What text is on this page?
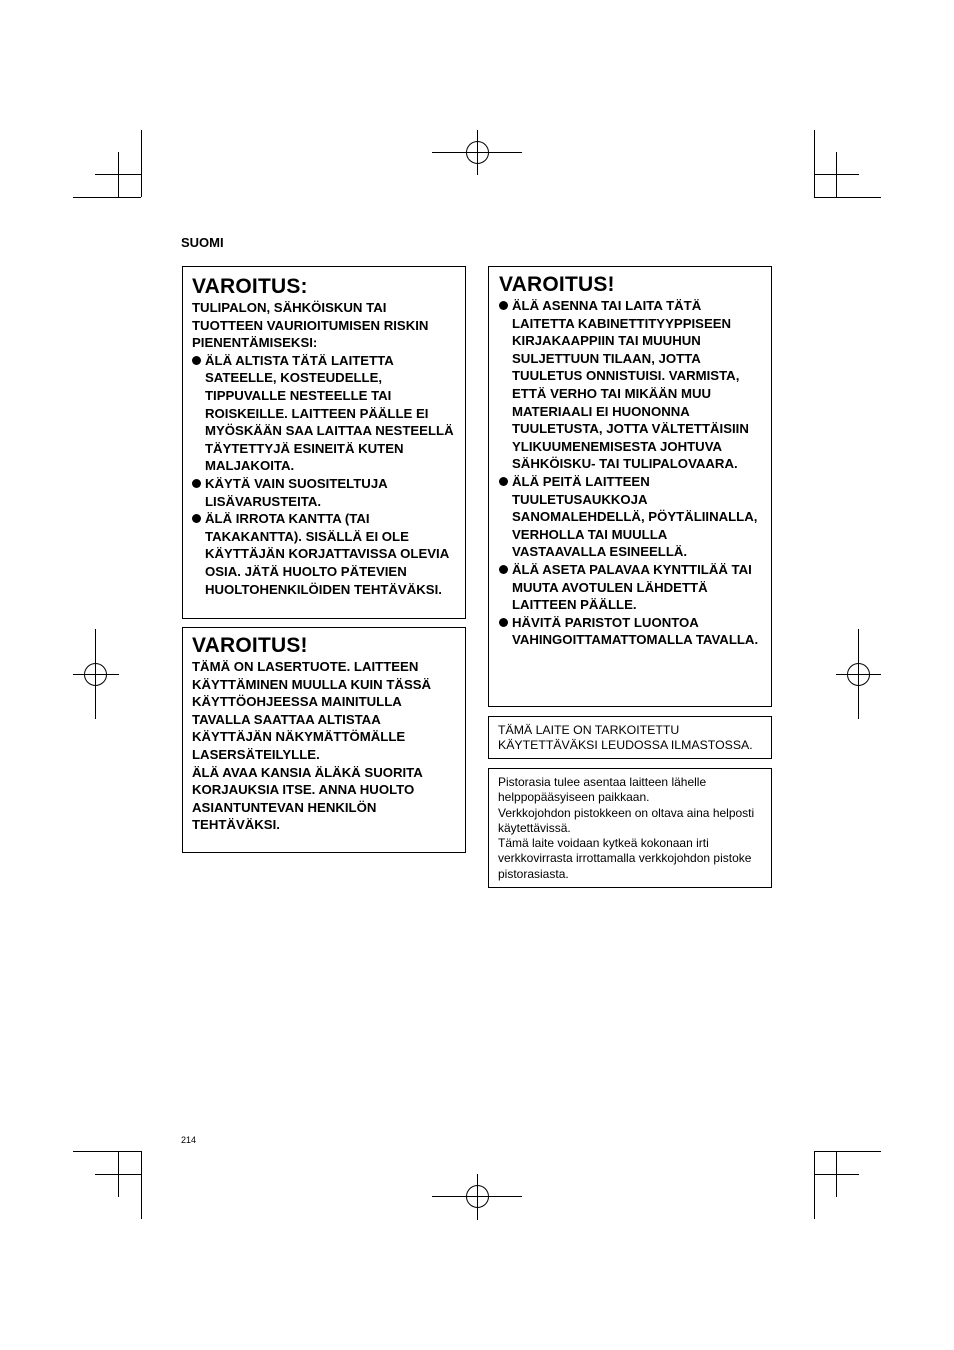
SUOMI
VAROITUS:

TULIPALON, SÄHKÖISKUN TAI TUOTTEEN VAURIOITUMISEN RISKIN PIENENTÄMISEKSI:

ÄLÄ ALTISTA TÄTÄ LAITETTA SATEELLE, KOSTEUDELLE, TIPPUVALLE NESTEELLE TAI ROISKEILLE. LAITTEEN PÄÄLLE EI MYÖSKÄÄN SAA LAITTAA NESTEELLÄ TÄYTETTYJÄ ESINEITÄ KUTEN MALJAKOITA.
KÄYTÄ VAIN SUOSITELTUJA LISÄVARUSTEITA.
ÄLÄ IRROTA KANTTA (TAI TAKAKANTTA). SISÄLLÄ EI OLE KÄYTTÄJÄN KORJATTAVISSA OLEVIA OSIA. JÄTÄ HUOLTO PÄTEVIEN HUOLTOHENKILÖIDEN TEHTÄVÄKSI.
VAROITUS!

TÄMÄ ON LASERTUOTE. LAITTEEN KÄYTTÄMINEN MUULLA KUIN TÄSSÄ KÄYTTÖOHJEESSA MAINITULLA TAVALLA SAATTAA ALTISTAA KÄYTTÄJÄN NÄKYMÄTTÖMÄLLE LASERSÄTEILYLLE.

ÄLÄ AVAA KANSIA ÄLÄKÄ SUORITA KORJAUKSIA ITSE. ANNA HUOLTO ASIANTUNTEVAN HENKILÖN TEHTÄVÄKSI.

VAROITUS!
ÄLÄ ASENNA TAI LAITA TÄTÄ LAITETTA KABINETTITYYPPISEEN KIRJAKAAPPIIN TAI MUUHUN SULJETTUUN TILAAN, JOTTA TUULETUS ONNISTUISI. VARMISTA, ETTÄ VERHO TAI MIKÄÄN MUU MATERIAALI EI HUONONNA TUULETUSTA, JOTTA VÄLTETTÄISIIN YLIKUUMENEMISESTA JOHTUVA SÄHKÖISKU- TAI TULIPALOVAARA.
ÄLÄ PEITÄ LAITTEEN TUULETUSAUKKOJA SANOMALEHDELLÄ, PÖYTÄLIINALLA, VERHOLLA TAI MUULLA VASTAAVALLA ESINEELLÄ.
ÄLÄ ASETA PALAVAA KYNTTILÄÄ TAI MUUTA AVOTULEN LÄHDETTÄ LAITTEEN PÄÄLLE.
HÄVITÄ PARISTOT LUONTOA VAHINGOITTAMATTOMALLA TAVALLA.

TÄMÄ LAITE ON TARKOITETTU

KÄYTETTÄVÄKSI LEUDOSSA ILMASTOSSA.

Pistorasia tulee asentaa laitteen lähelle helppopääsyiseen paikkaan.

Verkkojohdon pistokkeen on oltava aina helposti käytettävissä.

Tämä laite voidaan kytkeä kokonaan irti verkkovirrasta irrottamalla verkkojohdon pistoke pistorasiasta.

214
